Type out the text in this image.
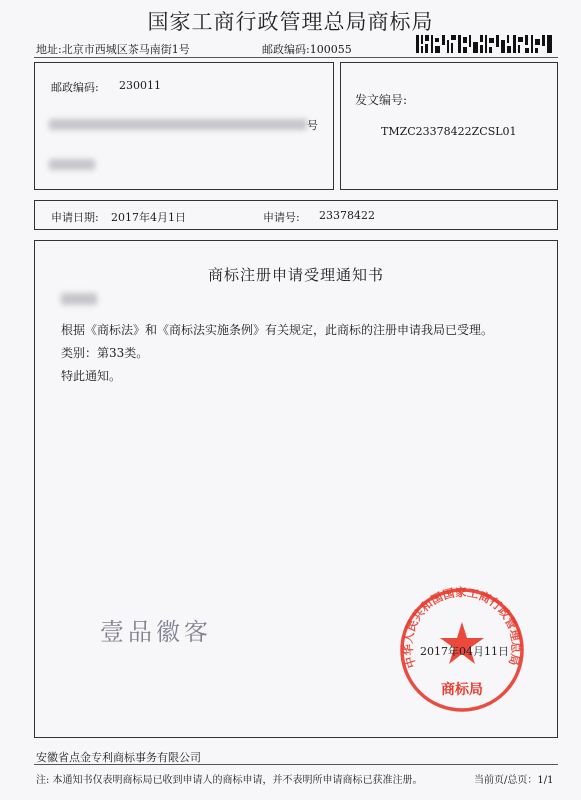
国家工商行政管理总局商标局
地址:北京市西城区茶马南街1号	邮政编码:100055
邮政编码: 230011
号
发文编号:
TMZC23378422ZCSL01
申请日期: 2017年4月1日	申请号: 23378422
商标注册申请受理通知书
根据《商标法》和《商标法实施条例》有关规定，此商标的注册申请我局已受理。
类别：第33类。
特此通知。
壹品徽客
中华人民共和国国家工商行政管理总局
商标局
2017年04月11日
安徽省点金专利商标事务有限公司
注: 本通知书仅表明商标局已收到申请人的商标申请，并不表明所申请商标已获准注册。	当前页/总页：1/1
